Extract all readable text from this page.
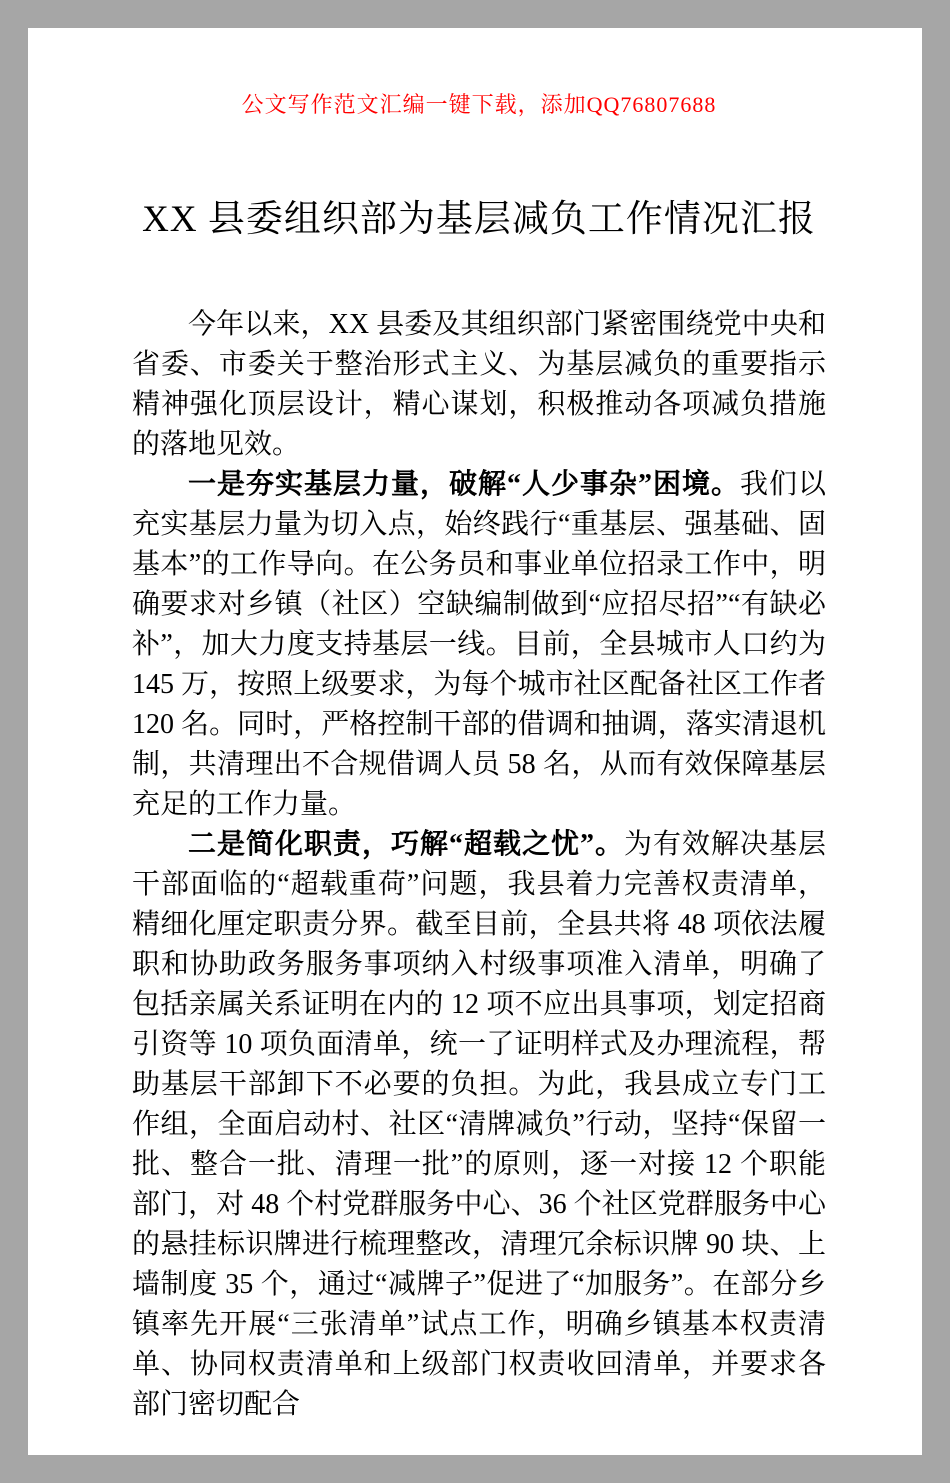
公文写作范文汇编一键下载，添加QQ76807688
XX 县委组织部为基层减负工作情况汇报

今年以来，XX 县委及其组织部门紧密围绕党中央和省委、市委关于整治形式主义、为基层减负的重要指示精神强化顶层设计，精心谋划，积极推动各项减负措施的落地见效。

一是夯实基层力量，破解“人少事杂”困境。我们以充实基层力量为切入点，始终践行“重基层、强基础、固基本”的工作导向。在公务员和事业单位招录工作中，明确要求对乡镇（社区）空缺编制做到“应招尽招”“有缺必补”，加大力度支持基层一线。目前，全县城市人口约为 145 万，按照上级要求，为每个城市社区配备社区工作者 120 名。同时，严格控制干部的借调和抽调，落实清退机制，共清理出不合规借调人员 58 名，从而有效保障基层充足的工作力量。

二是简化职责，巧解“超载之忧”。为有效解决基层干部面临的“超载重荷”问题，我县着力完善权责清单，精细化厘定职责分界。截至目前，全县共将 48 项依法履职和协助政务服务事项纳入村级事项准入清单，明确了包括亲属关系证明在内的 12 项不应出具事项，划定招商引资等 10 项负面清单，统一了证明样式及办理流程，帮助基层干部卸下不必要的负担。为此，我县成立专门工作组，全面启动村、社区“清牌减负”行动，坚持“保留一批、整合一批、清理一批”的原则，逐一对接 12 个职能部门，对 48 个村党群服务中心、36 个社区党群服务中心的悬挂标识牌进行梳理整改，清理冗余标识牌 90 块、上墙制度 35 个，通过“减牌子”促进了“加服务”。在部分乡镇率先开展“三张清单”试点工作，明确乡镇基本权责清单、协同权责清单和上级部门权责收回清单，并要求各部门密切配合
